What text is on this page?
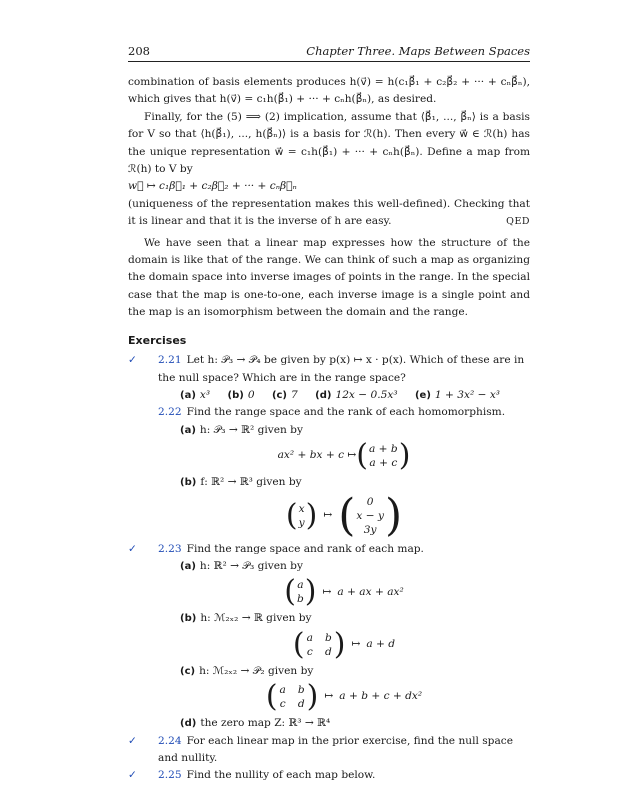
208	Chapter Three. Maps Between Spaces

combination of basis elements produces h(v⃗) = h(c₁β⃗₁ + c₂β⃗₂ + ··· + cₙβ⃗ₙ), which gives that h(v⃗) = c₁h(β⃗₁) + ··· + cₙh(β⃗ₙ), as desired.

Finally, for the (5) ⟹ (2) implication, assume that ⟨β⃗₁, ..., β⃗ₙ⟩ is a basis for V so that ⟨h(β⃗₁), ..., h(β⃗ₙ)⟩ is a basis for ℛ(h). Then every w⃗ ∈ ℛ(h) has the unique representation w⃗ = c₁h(β⃗₁) + ··· + cₙh(β⃗ₙ). Define a map from ℛ(h) to V by

w⃗ ↦ c₁β⃗₁ + c₂β⃗₂ + ··· + cₙβ⃗ₙ

(uniqueness of the representation makes this well-defined). Checking that it is linear and that it is the inverse of h are easy.	QED

We have seen that a linear map expresses how the structure of the domain is like that of the range. We can think of such a map as organizing the domain space into inverse images of points in the range. In the special case that the map is one-to-one, each inverse image is a single point and the map is an isomorphism between the domain and the range.

Exercises
✓ 2.21 Let h: 𝒫₃ → 𝒫₄ be given by p(x) ↦ x · p(x). Which of these are in the null space? Which are in the range space?
(a) x³ (b) 0 (c) 7 (d) 12x − 0.5x³ (e) 1 + 3x² − x³
2.22 Find the range space and the rank of each homomorphism.
(a) h: 𝒫₃ → ℝ² given by
ax² + bx + c ↦ ( a + b
a + c )
(b) f: ℝ² → ℝ³ given by
( x
y ) ↦ ( 0
x − y
3y )
✓ 2.23 Find the range space and rank of each map.
(a) h: ℝ² → 𝒫₃ given by
( a
b ) ↦ a + ax + ax²
(b) h: ℳ₂ₓ₂ → ℝ given by
( a b
c d ) ↦ a + d
(c) h: ℳ₂ₓ₂ → 𝒫₂ given by
( a b
c d ) ↦ a + b + c + dx²
(d) the zero map Z: ℝ³ → ℝ⁴
✓ 2.24 For each linear map in the prior exercise, find the null space and nullity.
✓ 2.25 Find the nullity of each map below.
